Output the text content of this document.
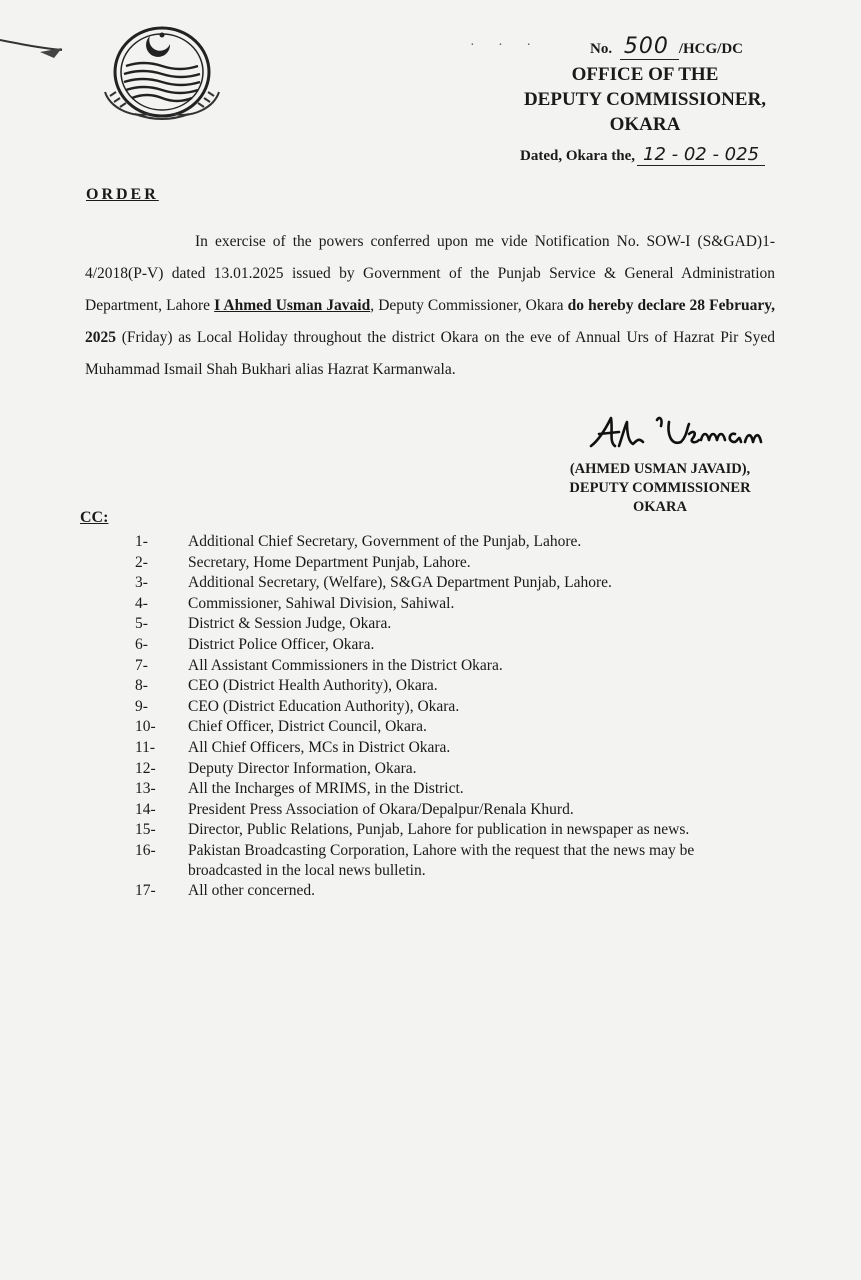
· · ·	No. 500 /HCG/DC
OFFICE OF THE
DEPUTY COMMISSIONER,
OKARA
Dated, Okara the, 12 - 02 - 025
ORDER
In exercise of the powers conferred upon me vide Notification No. SOW-I (S&GAD)1-4/2018(P-V) dated 13.01.2025 issued by Government of the Punjab Service & General Administration Department, Lahore I Ahmed Usman Javaid, Deputy Commissioner, Okara do hereby declare 28 February, 2025 (Friday) as Local Holiday throughout the district Okara on the eve of Annual Urs of Hazrat Pir Syed Muhammad Ismail Shah Bukhari alias Hazrat Karmanwala.
(AHMED USMAN JAVAID),
DEPUTY COMMISSIONER
OKARA
CC:
1-	Additional Chief Secretary, Government of the Punjab, Lahore.
2-	Secretary, Home Department Punjab, Lahore.
3-	Additional Secretary, (Welfare), S&GA Department Punjab, Lahore.
4-	Commissioner, Sahiwal Division, Sahiwal.
5-	District & Session Judge, Okara.
6-	District Police Officer, Okara.
7-	All Assistant Commissioners in the District Okara.
8-	CEO (District Health Authority), Okara.
9-	CEO (District Education Authority), Okara.
10- Chief Officer, District Council, Okara.
11- All Chief Officers, MCs in District Okara.
12- Deputy Director Information, Okara.
13- All the Incharges of MRIMS, in the District.
14- President Press Association of Okara/Depalpur/Renala Khurd.
15- Director, Public Relations, Punjab, Lahore for publication in newspaper as news.
16- Pakistan Broadcasting Corporation, Lahore with the request that the news may be broadcasted in the local news bulletin.
17- All other concerned.
